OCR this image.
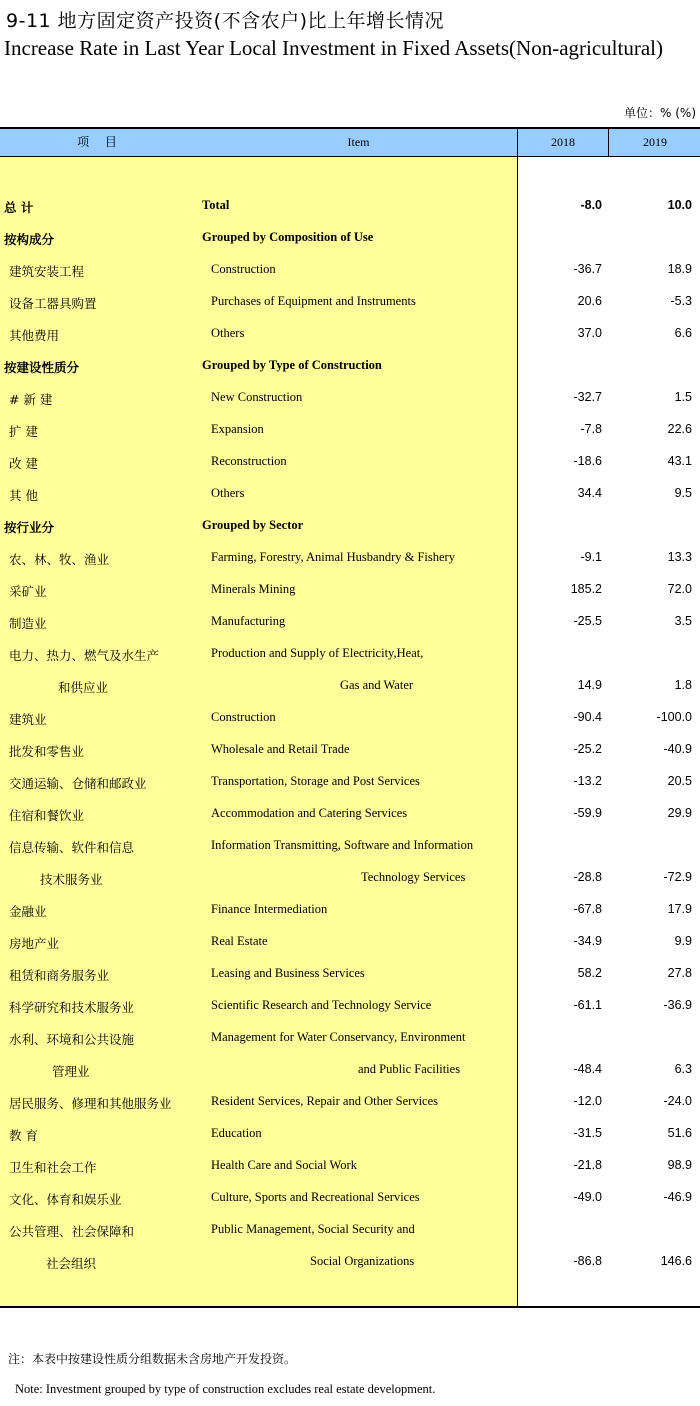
9-11 地方固定资产投资(不含农户)比上年增长情况
Increase Rate in Last Year Local Investment in Fixed Assets(Non-agricultural)
单位：% (%)
项 目	Item	2018	2019
总 计	Total	-8.0	10.0
按构成分	Grouped by Composition of Use
建筑安装工程	Construction	-36.7	18.9
设备工器具购置	Purchases of Equipment and Instruments	20.6	-5.3
其他费用	Others	37.0	6.6
按建设性质分	Grouped by Type of Construction
# 新 建	New Construction	-32.7	1.5
扩 建	Expansion	-7.8	22.6
改 建	Reconstruction	-18.6	43.1
其 他	Others	34.4	9.5
按行业分	Grouped by Sector
农、林、牧、渔业	Farming, Forestry, Animal Husbandry & Fishery	-9.1	13.3
采矿业	Minerals Mining	185.2	72.0
制造业	Manufacturing	-25.5	3.5
电力、热力、燃气及水生产	Production and Supply of Electricity,Heat,
和供应业	Gas and Water	14.9	1.8
建筑业	Construction	-90.4	-100.0
批发和零售业	Wholesale and Retail Trade	-25.2	-40.9
交通运输、仓储和邮政业	Transportation, Storage and Post Services	-13.2	20.5
住宿和餐饮业	Accommodation and Catering Services	-59.9	29.9
信息传输、软件和信息	Information Transmitting, Software and Information
技术服务业	Technology Services	-28.8	-72.9
金融业	Finance Intermediation	-67.8	17.9
房地产业	Real Estate	-34.9	9.9
租赁和商务服务业	Leasing and Business Services	58.2	27.8
科学研究和技术服务业	Scientific Research and Technology Service	-61.1	-36.9
水利、环境和公共设施	Management for Water Conservancy, Environment
管理业	and Public Facilities	-48.4	6.3
居民服务、修理和其他服务业	Resident Services, Repair and Other Services	-12.0	-24.0
教 育	Education	-31.5	51.6
卫生和社会工作	Health Care and Social Work	-21.8	98.9
文化、体育和娱乐业	Culture, Sports and Recreational Services	-49.0	-46.9
公共管理、社会保障和	Public Management, Social Security and
社会组织	Social Organizations	-86.8	146.6
注：本表中按建设性质分组数据未含房地产开发投资。
Note: Investment grouped by type of construction excludes real estate development.
